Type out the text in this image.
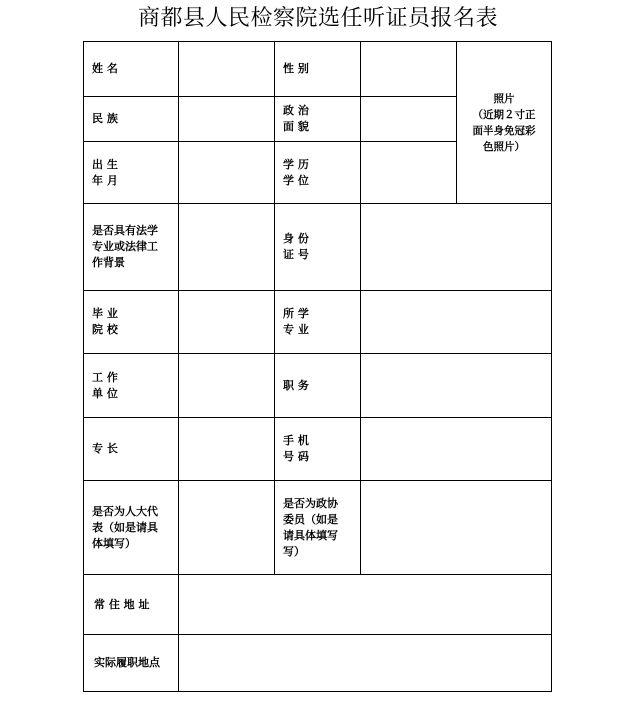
商都县人民检察院选任听证员报名表
姓 名	性 别
照片
（近期２寸正
面半身免冠彩
色照片）
民 族
政 治
面 貌
出 生
年 月
学 历
学 位
是否具有法学
专业或法律工
作背景
身 份
证 号
毕 业
院 校
所 学
专 业
工 作
单 位
职 务
专 长
手 机
号 码
是否为人大代
表（如是请具
体填写）
是否为政协
委员（如是
请具体填写
写）
常 住 地 址
实际履职地点
